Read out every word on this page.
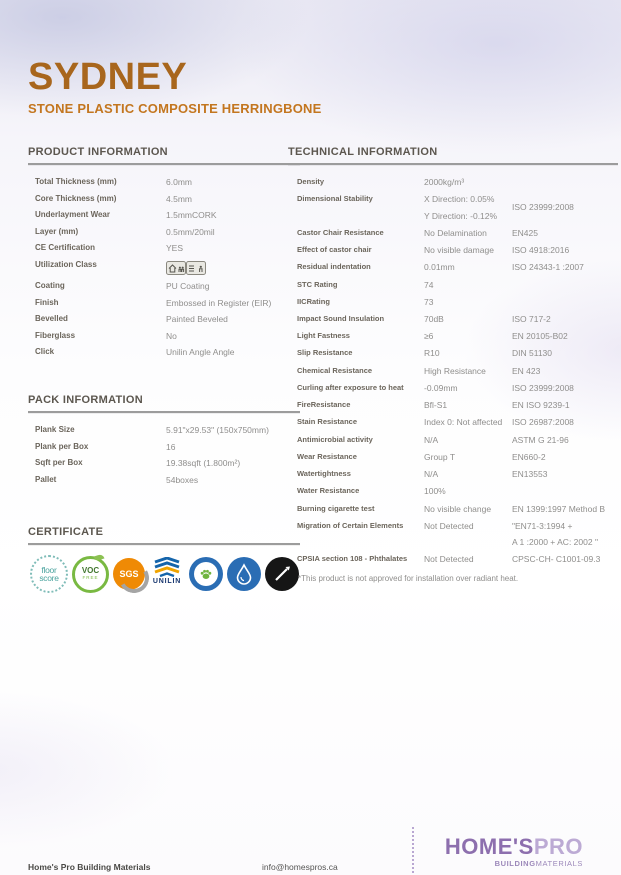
SYDNEY
STONE PLASTIC COMPOSITE HERRINGBONE
PRODUCT INFORMATION
Total Thickness (mm)	6.0mm
Core Thickness (mm)	4.5mm
Underlayment Wear	1.5mmCORK
Layer (mm)	0.5mm/20mil
CE Certification	YES
Utilization Class
Coating	PU Coating
Finish	Embossed in Register (EIR)
Bevelled	Painted Beveled
Fiberglass	No
Click	Unilin Angle Angle
TECHNICAL INFORMATION
Density	2000kg/m³
Dimensional Stability	X Direction: 0.05%
Y Direction: -0.12%
ISO 23999:2008
Castor Chair Resistance	No Delamination	EN425
Effect of castor chair	No visible damage	ISO 4918:2016
Residual indentation	0.01mm	ISO 24343-1 :2007
STC Rating	74
IICRating	73
Impact Sound Insulation	70dB	ISO 717-2
Light Fastness	≥6	EN 20105-B02
Slip Resistance	R10	DIN 51130
Chemical Resistance	High Resistance	EN 423
Curling after exposure to heat	-0.09mm	ISO 23999:2008
FireResistance	Bfl-S1	EN ISO 9239-1
Stain Resistance	Index 0: Not affected	ISO 26987:2008
Antimicrobial activity	N/A	ASTM G 21-96
Wear Resistance	Group T	EN660-2
Watertightness	N/A	EN13553
Water Resistance	100%
Burning cigarette test	No visible change	EN 1399:1997 Method B
Migration of Certain Elements	Not Detected	"EN71-3:1994 +
A 1 :2000 + AC: 2002 "
CPSIA section 108 - Phthalates	Not Detected	CPSC-CH- C1001-09.3
PACK INFORMATION
Plank Size	5.91"x29.53" (150x750mm)
Plank per Box	16
Sqft per Box	19.38sqft (1.800m²)
Pallet	54boxes
CERTIFICATE
floor
score
VOC
FREE SGS
UNILIN	*This product is not approved for installation over radiant heat.

Home's Pro Building Materials	info@homespros.ca

HOME'SPRO
BUILDINGMATERIALS
